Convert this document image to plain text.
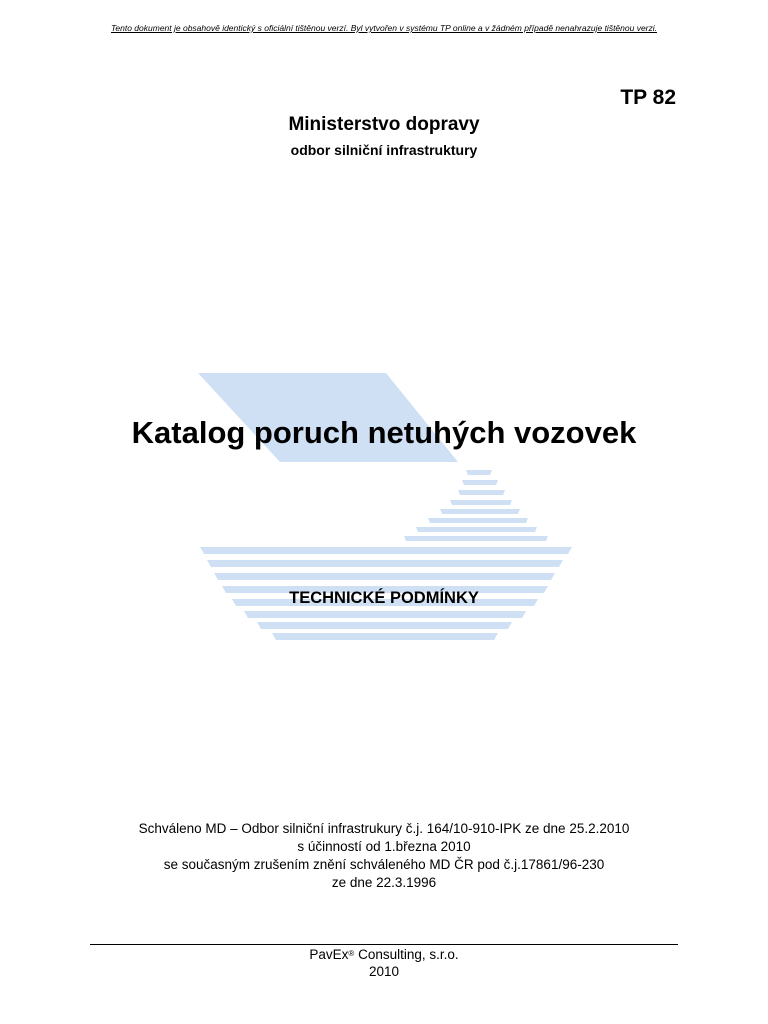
Tento dokument je obsahově identický s oficiální tištěnou verzí. Byl vytvořen v systému TP online a v žádném případě nenahrazuje tištěnou verzi.
TP 82
Ministerstvo dopravy
odbor silniční infrastruktury
Katalog poruch netuhých vozovek
TECHNICKÉ PODMÍNKY
Schváleno MD – Odbor silniční infrastrukury č.j. 164/10-910-IPK ze dne 25.2.2010
s účinností od 1.března 2010
se současným zrušením znění schváleného MD ČR pod č.j.17861/96-230
ze dne 22.3.1996
PavEx® Consulting, s.r.o.
2010
